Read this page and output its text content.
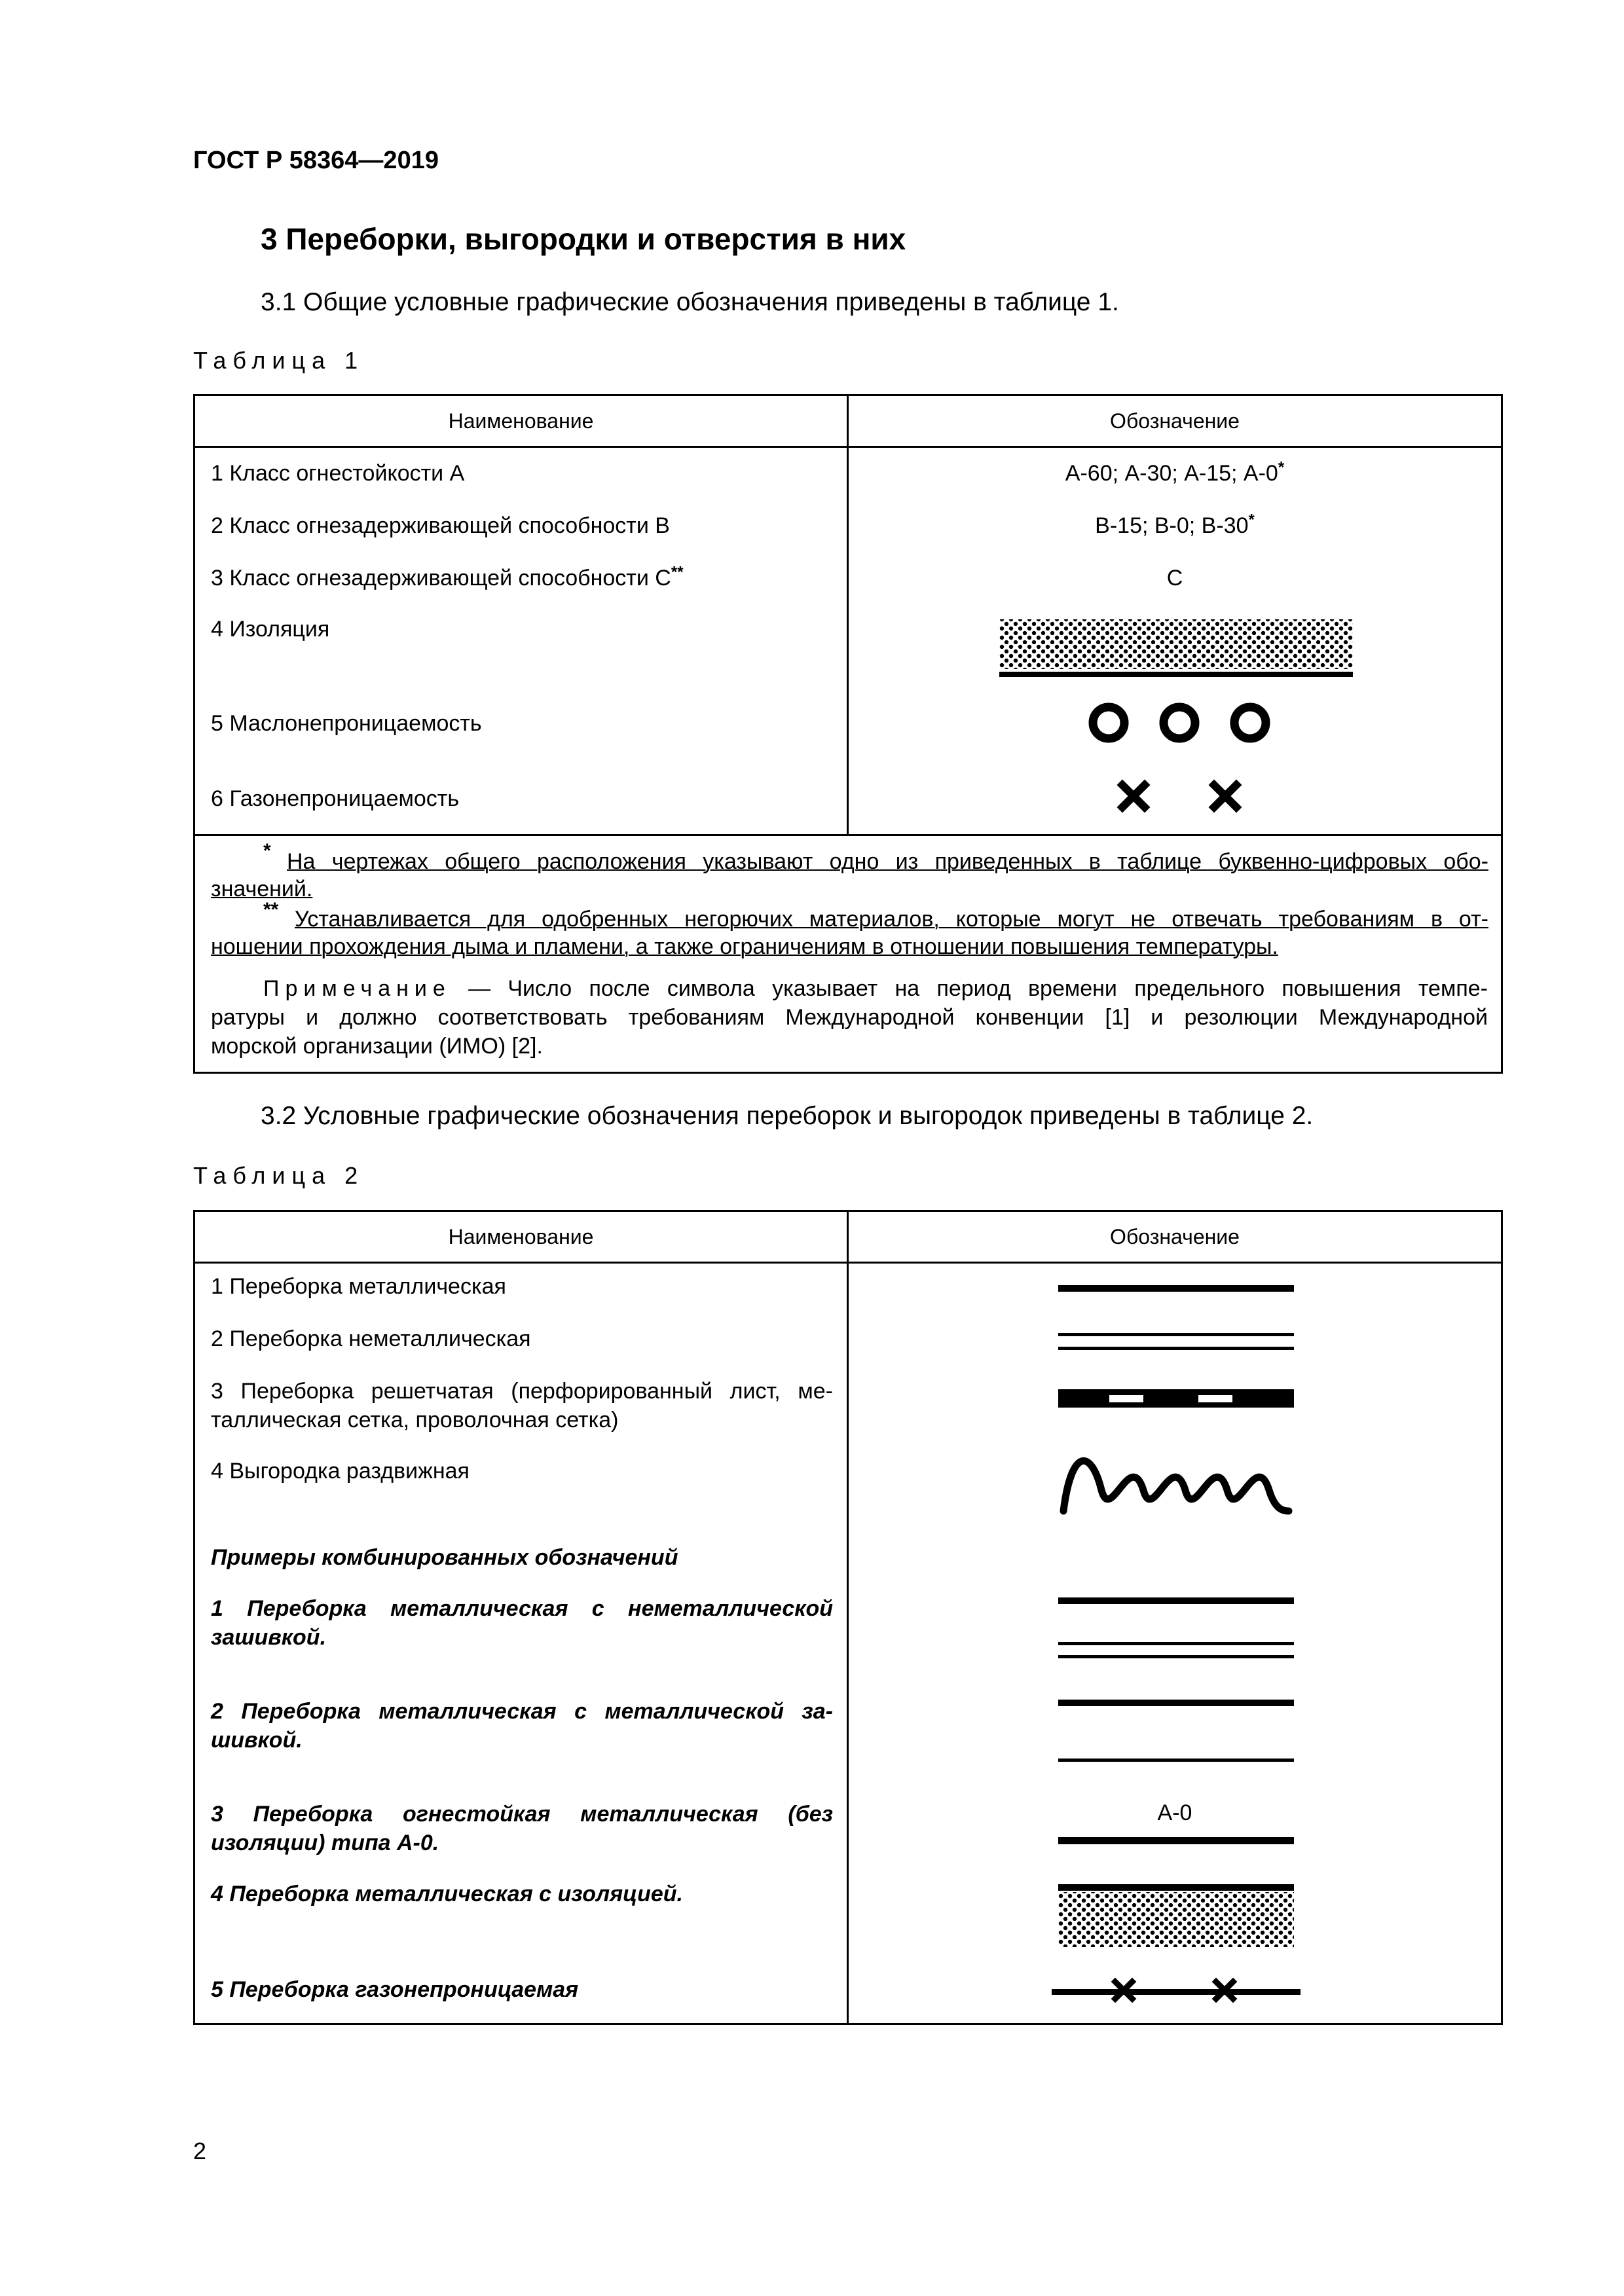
ГОСТ Р 58364—2019
3 Переборки, выгородки и отверстия в них
3.1 Общие условные графические обозначения приведены в таблице 1.
Таблица 1
Наименование	Обозначение
1 Класс огнестойкости А
2 Класс огнезадерживающей способности В
3 Класс огнезадерживающей способности С**
4 Изоляция
5 Маслонепроницаемость
6 Газонепроницаемость
А-60; А-30; А-15; А-0*
В-15; В-0; В-30*
С
* На чертежах общего расположения указывают одно из приведенных в таблице буквенно-цифровых обо-
значений.
** Устанавливается для одобренных негорючих материалов, которые могут не отвечать требованиям в от-
ношении прохождения дыма и пламени, а также ограничениям в отношении повышения температуры.
Примечание — Число после символа указывает на период времени предельного повышения темпе-
ратуры и должно соответствовать требованиям Международной конвенции [1] и резолюции Международной
морской организации (ИМО) [2].
3.2 Условные графические обозначения переборок и выгородок приведены в таблице 2.
Таблица 2
Наименование	Обозначение
1 Переборка металлическая
2 Переборка неметаллическая
3 Переборка решетчатая (перфорированный лист, ме-
таллическая сетка, проволочная сетка)
4 Выгородка раздвижная
Примеры комбинированных обозначений
1 Переборка металлическая с неметаллической
зашивкой.
2 Переборка металлическая с металлической за-
шивкой.
3 Переборка огнестойкая металлическая (без
изоляции) типа А-0.
4 Переборка металлическая с изоляцией.
5 Переборка газонепроницаемая
А-0
2
